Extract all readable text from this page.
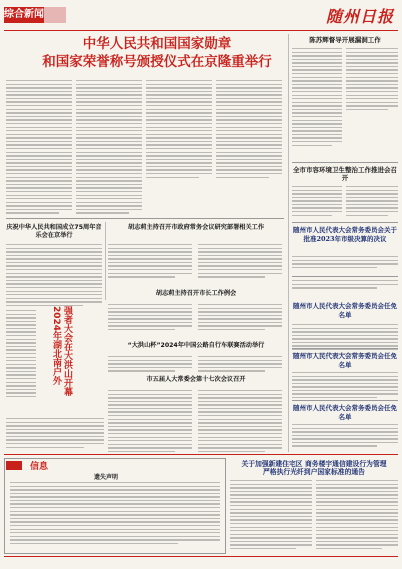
综合新闻	随州日报
中华人民共和国国家勋章
和国家荣誉称号颁授仪式在京隆重举行
庆祝中华人民共和国成立75周年音乐会在京举行
胡志莉主持召开市政府常务会议研究部署相关工作
胡志莉主持召开市长工作例会
强者大会在大洪山开幕2024年湖北南户外	“大洪山杯”2024年中国公路自行车联赛活动举行
市五届人大常委会第十七次会议召开
陈苏辉督导开展漏洞工作
全市市容环境卫生整治工作推进会召开
随州市人民代表大会常务委员会关于批准2023年市级决算的决议
随州市人民代表大会常务委员会任免名单
随州市人民代表大会常务委员会任免名单
随州市人民代表大会常务委员会任免名单
信息
遗失声明
关于加强新建住宅区 商务楼宇通信建设行为管理
严格执行光纤到户国家标准的通告
